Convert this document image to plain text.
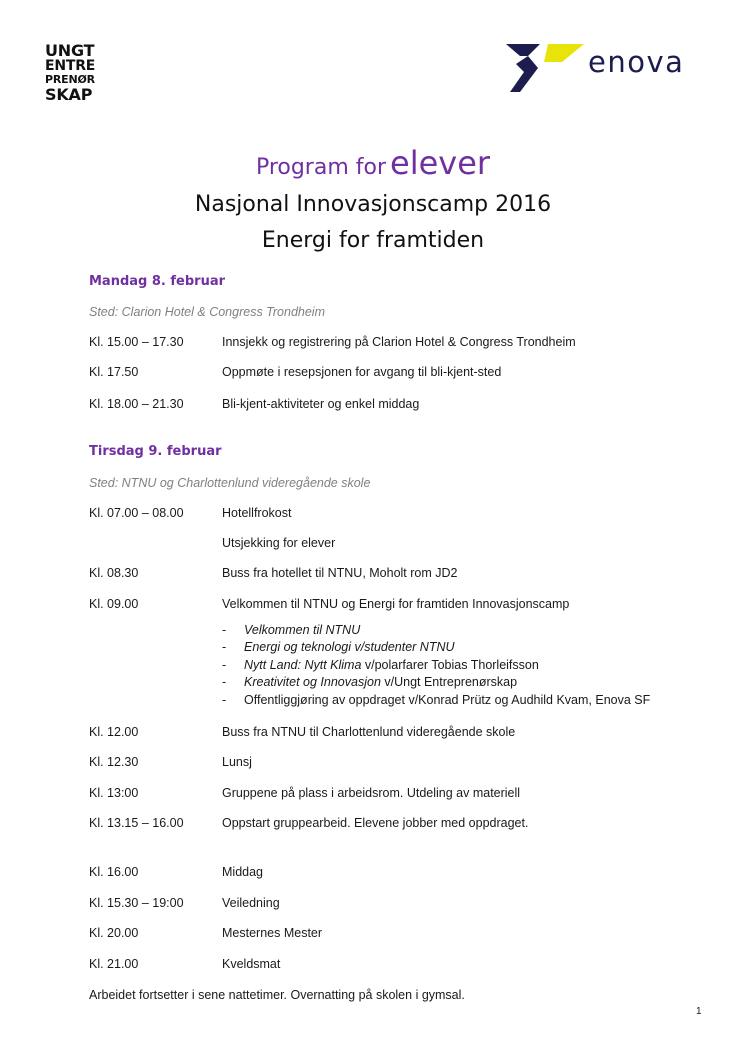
UNGT
ENTRE
PRENØR
SKAP
enova
Program for elever
Nasjonal Innovasjonscamp 2016
Energi for framtiden
Mandag 8. februar
Sted: Clarion Hotel & Congress Trondheim
Kl. 15.00 – 17.30	Innsjekk og registrering på Clarion Hotel & Congress Trondheim
Kl. 17.50	Oppmøte i resepsjonen for avgang til bli-kjent-sted
Kl. 18.00 – 21.30	Bli-kjent-aktiviteter og enkel middag
Tirsdag 9. februar
Sted: NTNU og Charlottenlund videregående skole
Kl. 07.00 – 08.00	Hotellfrokost
Utsjekking for elever
Kl. 08.30	Buss fra hotellet til NTNU, Moholt rom JD2
Kl. 09.00	Velkommen til NTNU og Energi for framtiden Innovasjonscamp
- Velkommen til NTNU
- Energi og teknologi v/studenter NTNU
- Nytt Land: Nytt Klima v/polarfarer Tobias Thorleifsson
- Kreativitet og Innovasjon v/Ungt Entreprenørskap
- Offentliggjøring av oppdraget v/Konrad Prütz og Audhild Kvam, Enova SF
Kl. 12.00	Buss fra NTNU til Charlottenlund videregående skole
Kl. 12.30	Lunsj
Kl. 13:00	Gruppene på plass i arbeidsrom. Utdeling av materiell
Kl. 13.15 – 16.00	Oppstart gruppearbeid. Elevene jobber med oppdraget.
Kl. 16.00	Middag
Kl. 15.30 – 19:00	Veiledning
Kl. 20.00	Mesternes Mester
Kl. 21.00	Kveldsmat
Arbeidet fortsetter i sene nattetimer. Overnatting på skolen i gymsal.
1
